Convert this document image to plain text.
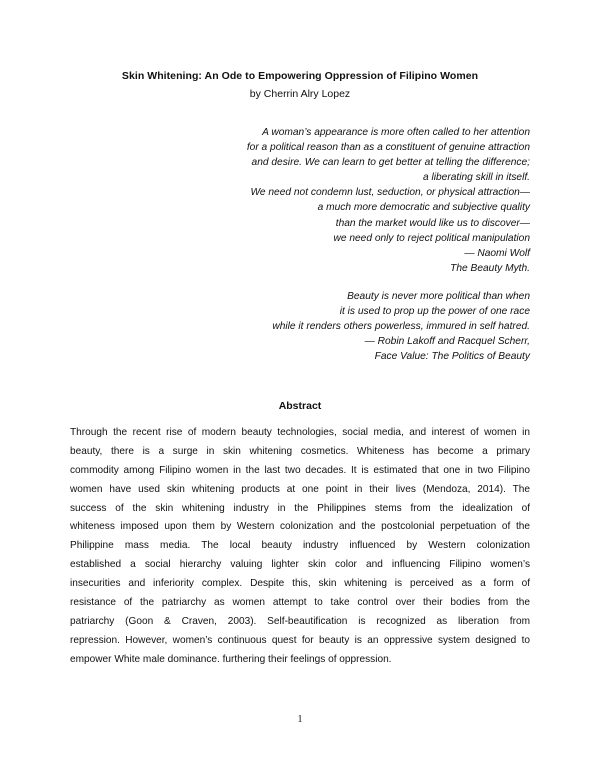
Skin Whitening: An Ode to Empowering Oppression of Filipino Women
by Cherrin Alry Lopez
A woman’s appearance is more often called to her attention
for a political reason than as a constituent of genuine attraction
and desire. We can learn to get better at telling the difference;
a liberating skill in itself.
We need not condemn lust, seduction, or physical attraction—
a much more democratic and subjective quality
than the market would like us to discover—
we need only to reject political manipulation
— Naomi Wolf
The Beauty Myth.
Beauty is never more political than when
it is used to prop up the power of one race
while it renders others powerless, immured in self hatred.
— Robin Lakoff and Racquel Scherr,
Face Value: The Politics of Beauty
Abstract
Through the recent rise of modern beauty technologies, social media, and interest of women in
beauty, there is a surge in skin whitening cosmetics. Whiteness has become a primary
commodity among Filipino women in the last two decades. It is estimated that one in two Filipino
women have used skin whitening products at one point in their lives (Mendoza, 2014). The
success of the skin whitening industry in the Philippines stems from the idealization of
whiteness imposed upon them by Western colonization and the postcolonial perpetuation of the
Philippine mass media. The local beauty industry influenced by Western colonization
established a social hierarchy valuing lighter skin color and influencing Filipino women’s
insecurities and inferiority complex. Despite this, skin whitening is perceived as a form of
resistance of the patriarchy as women attempt to take control over their bodies from the
patriarchy (Goon & Craven, 2003). Self-beautification is recognized as liberation from
repression. However, women’s continuous quest for beauty is an oppressive system designed to
empower White male dominance. furthering their feelings of oppression.
1
